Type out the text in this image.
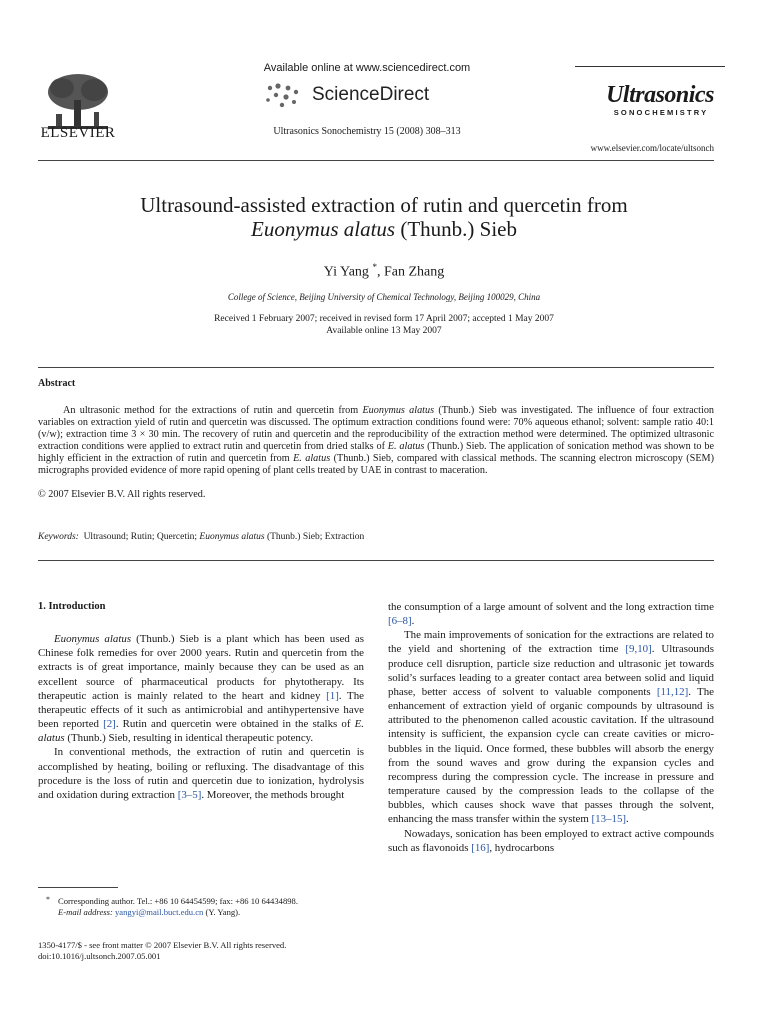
ELSEVIER
Available online at www.sciencedirect.com
ScienceDirect
Ultrasonics Sonochemistry 15 (2008) 308–313
Ultrasonics
SONOCHEMISTRY
www.elsevier.com/locate/ultsonch
Ultrasound-assisted extraction of rutin and quercetin from
Euonymus alatus (Thunb.) Sieb
Yi Yang *, Fan Zhang
College of Science, Beijing University of Chemical Technology, Beijing 100029, China
Received 1 February 2007; received in revised form 17 April 2007; accepted 1 May 2007
Available online 13 May 2007
Abstract
An ultrasonic method for the extractions of rutin and quercetin from Euonymus alatus (Thunb.) Sieb was investigated. The influence of four extraction variables on extraction yield of rutin and quercetin was discussed. The optimum extraction conditions found were: 70% aqueous ethanol; solvent: sample ratio 40:1 (v/w); extraction time 3 × 30 min. The recovery of rutin and quercetin and the reproducibility of the extraction method were determined. The optimized ultrasonic extraction conditions were applied to extract rutin and quercetin from dried stalks of E. alatus (Thunb.) Sieb. The application of sonication method was shown to be highly efficient in the extraction of rutin and quercetin from E. alatus (Thunb.) Sieb, compared with classical methods. The scanning electron microscopy (SEM) micrographs provided evidence of more rapid opening of plant cells treated by UAE in contrast to maceration.
© 2007 Elsevier B.V. All rights reserved.
Keywords:  Ultrasound; Rutin; Quercetin; Euonymus alatus (Thunb.) Sieb; Extraction
1. Introduction

Euonymus alatus (Thunb.) Sieb is a plant which has been used as Chinese folk remedies for over 2000 years. Rutin and quercetin from the extracts is of great importance, mainly because they can be used as an excellent source of pharmaceutical products for phytotherapy. Its therapeutic action is mainly related to the heart and kidney [1]. The therapeutic effects of it such as antimicrobial and antihypertensive have been reported [2]. Rutin and quercetin were obtained in the stalks of E. alatus (Thunb.) Sieb, resulting in identical therapeutic potency.

In conventional methods, the extraction of rutin and quercetin is accomplished by heating, boiling or refluxing. The disadvantage of this procedure is the loss of rutin and quercetin due to ionization, hydrolysis and oxidation during extraction [3–5]. Moreover, the methods brought

the consumption of a large amount of solvent and the long extraction time [6–8].

The main improvements of sonication for the extractions are related to the yield and shortening of the extraction time [9,10]. Ultrasounds produce cell disruption, particle size reduction and ultrasonic jet towards solid’s surfaces leading to a greater contact area between solid and liquid phase, better access of solvent to valuable components [11,12]. The enhancement of extraction yield of organic compounds by ultrasound is attributed to the phenomenon called acoustic cavitation. If the ultrasound intensity is sufficient, the expansion cycle can create cavities or micro-bubbles in the liquid. Once formed, these bubbles will absorb the energy from the sound waves and grow during the expansion cycles and recompress during the compression cycle. The increase in pressure and temperature caused by the compression leads to the collapse of the bubbles, which causes shock wave that passes through the solvent, enhancing the mass transfer within the system [13–15].

Nowadays, sonication has been employed to extract active compounds such as flavonoids [16], hydrocarbons

* Corresponding author. Tel.: +86 10 64454599; fax: +86 10 64434898.
E-mail address: yangyi@mail.buct.edu.cn (Y. Yang).
1350-4177/$ - see front matter © 2007 Elsevier B.V. All rights reserved.
doi:10.1016/j.ultsonch.2007.05.001
